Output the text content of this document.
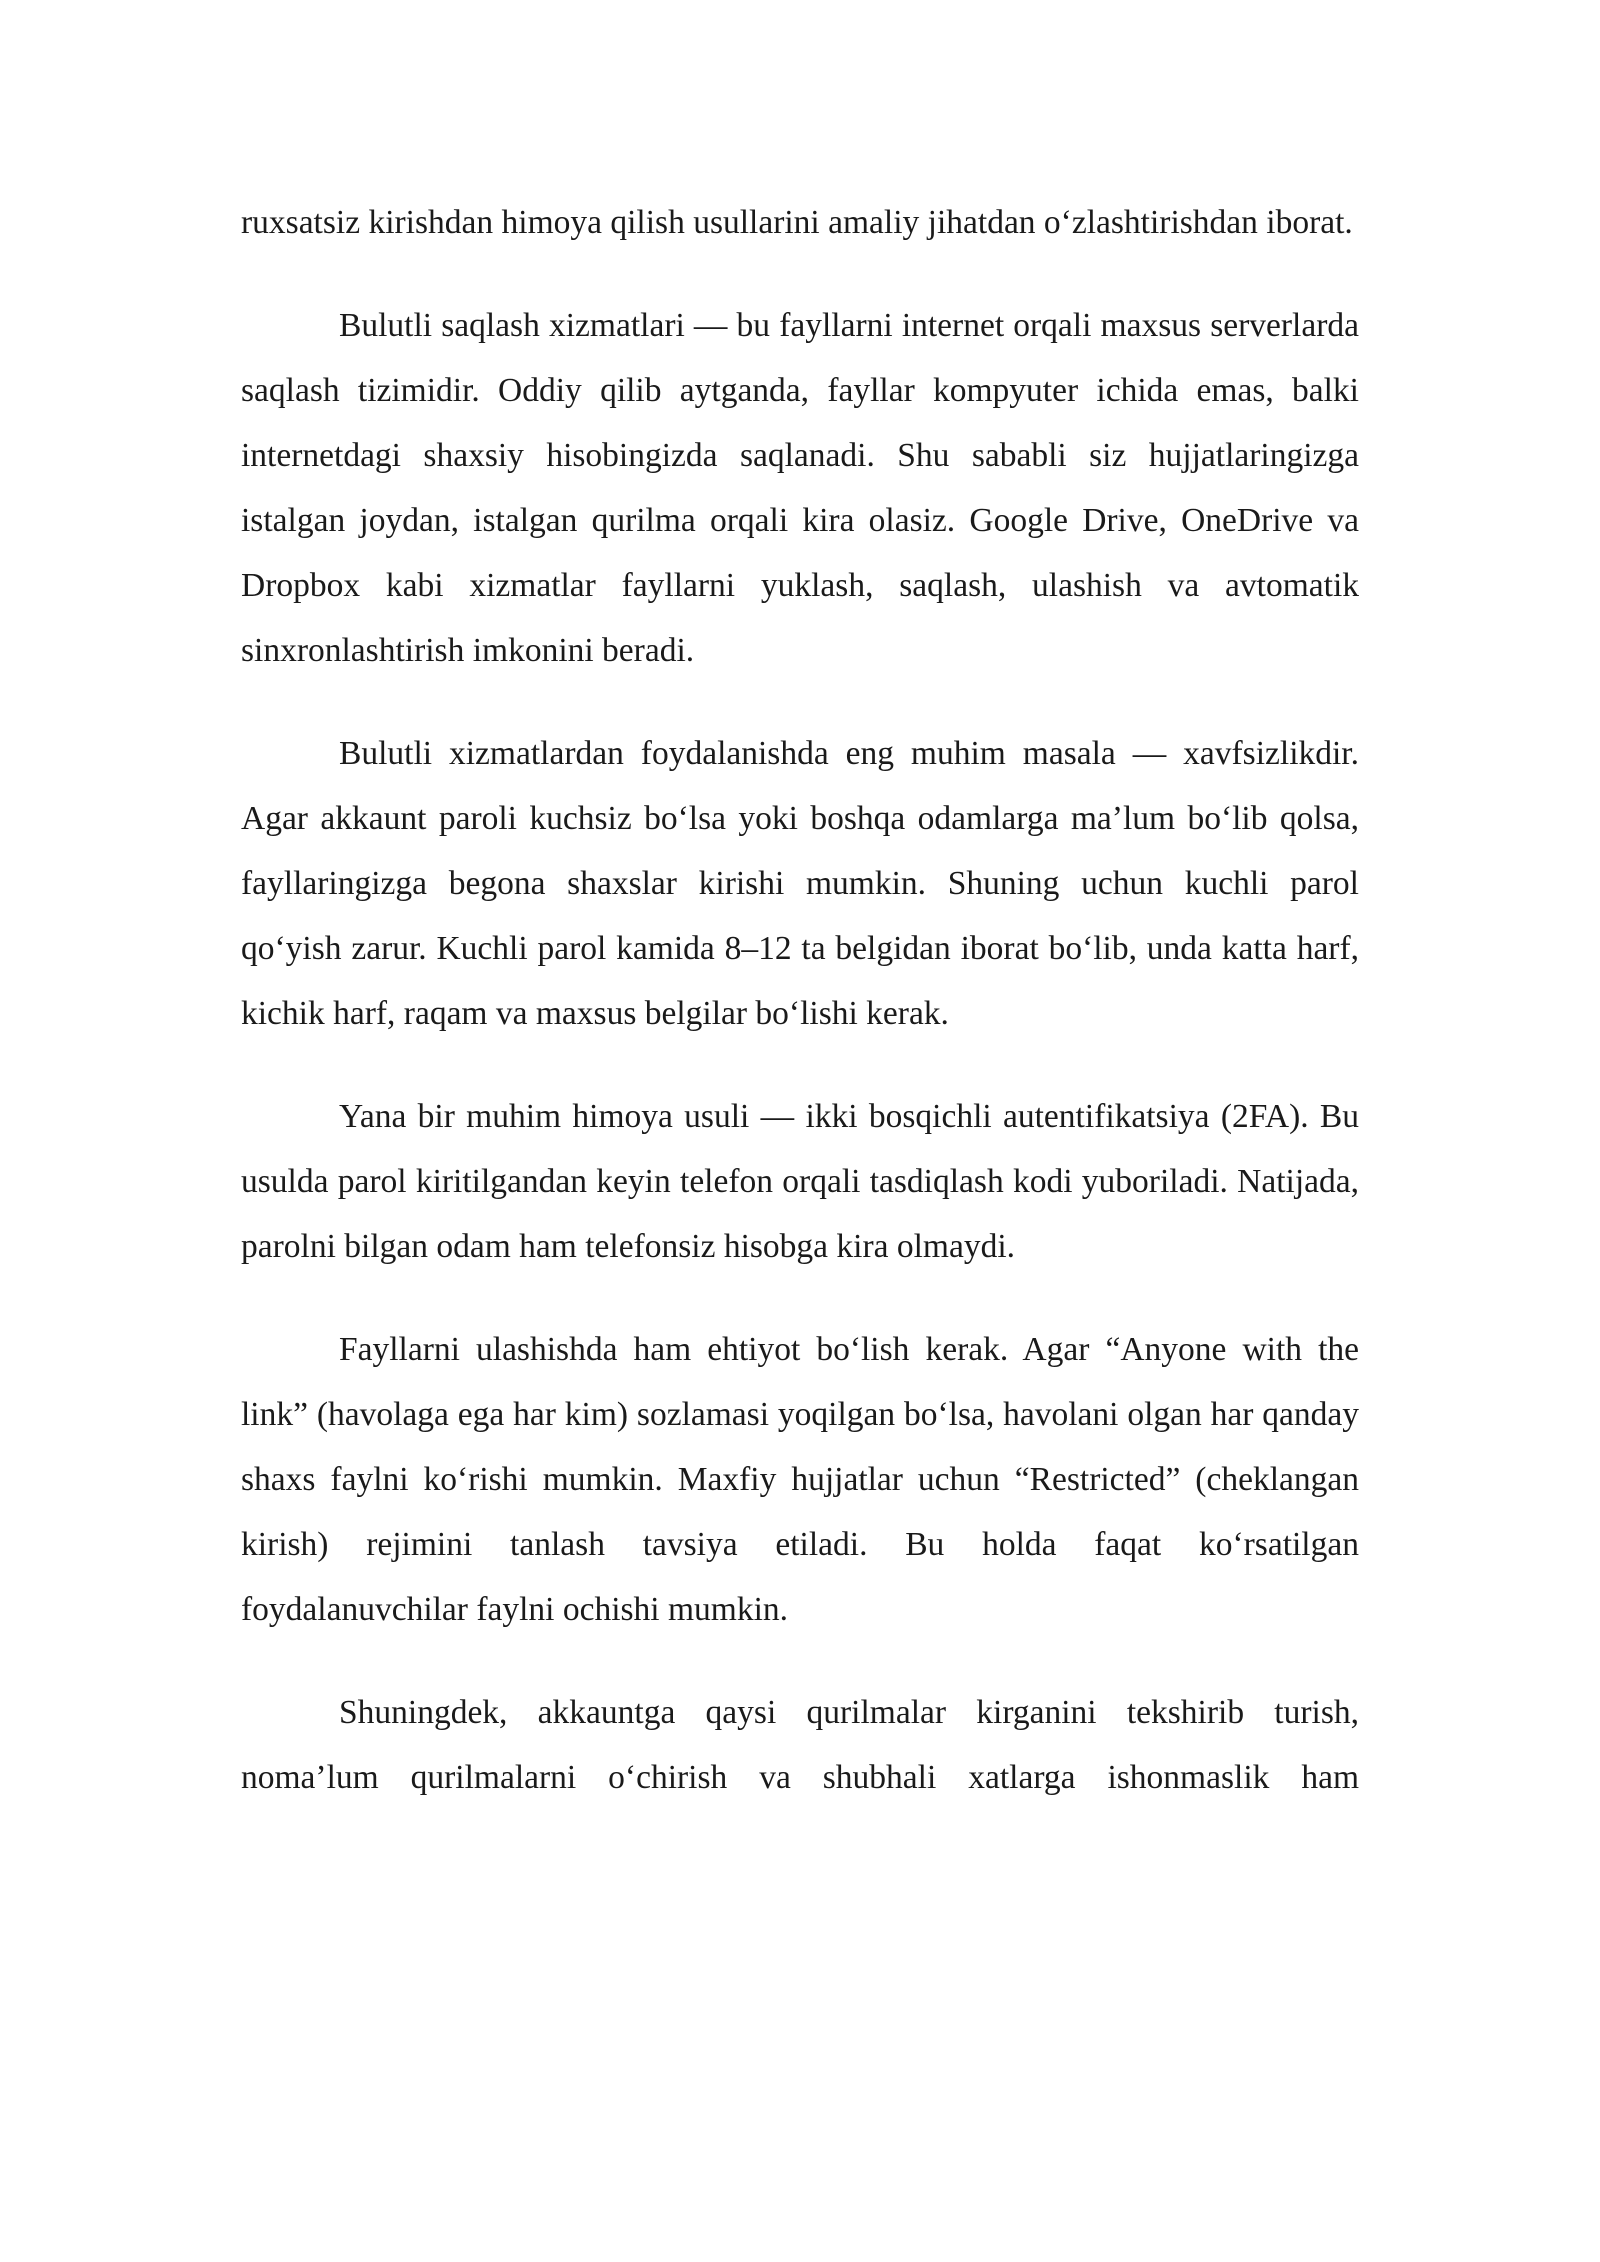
ruxsatsiz kirishdan himoya qilish usullarini amaliy jihatdan o‘zlashtirishdan iborat.

Bulutli saqlash xizmatlari — bu fayllarni internet orqali maxsus serverlarda saqlash tizimidir. Oddiy qilib aytganda, fayllar kompyuter ichida emas, balki internetdagi shaxsiy hisobingizda saqlanadi. Shu sababli siz hujjatlaringizga istalgan joydan, istalgan qurilma orqali kira olasiz. Google Drive, OneDrive va Dropbox kabi xizmatlar fayllarni yuklash, saqlash, ulashish va avtomatik sinxronlashtirish imkonini beradi.

Bulutli xizmatlardan foydalanishda eng muhim masala — xavfsizlikdir. Agar akkaunt paroli kuchsiz bo‘lsa yoki boshqa odamlarga ma’lum bo‘lib qolsa, fayllaringizga begona shaxslar kirishi mumkin. Shuning uchun kuchli parol qo‘yish zarur. Kuchli parol kamida 8–12 ta belgidan iborat bo‘lib, unda katta harf, kichik harf, raqam va maxsus belgilar bo‘lishi kerak.

Yana bir muhim himoya usuli — ikki bosqichli autentifikatsiya (2FA). Bu usulda parol kiritilgandan keyin telefon orqali tasdiqlash kodi yuboriladi. Natijada, parolni bilgan odam ham telefonsiz hisobga kira olmaydi.

Fayllarni ulashishda ham ehtiyot bo‘lish kerak. Agar “Anyone with the link” (havolaga ega har kim) sozlamasi yoqilgan bo‘lsa, havolani olgan har qanday shaxs faylni ko‘rishi mumkin. Maxfiy hujjatlar uchun “Restricted” (cheklangan kirish) rejimini tanlash tavsiya etiladi. Bu holda faqat ko‘rsatilgan foydalanuvchilar faylni ochishi mumkin.

Shuningdek, akkauntga qaysi qurilmalar kirganini tekshirib turish, noma’lum qurilmalarni o‘chirish va shubhali xatlarga ishonmaslik ham
